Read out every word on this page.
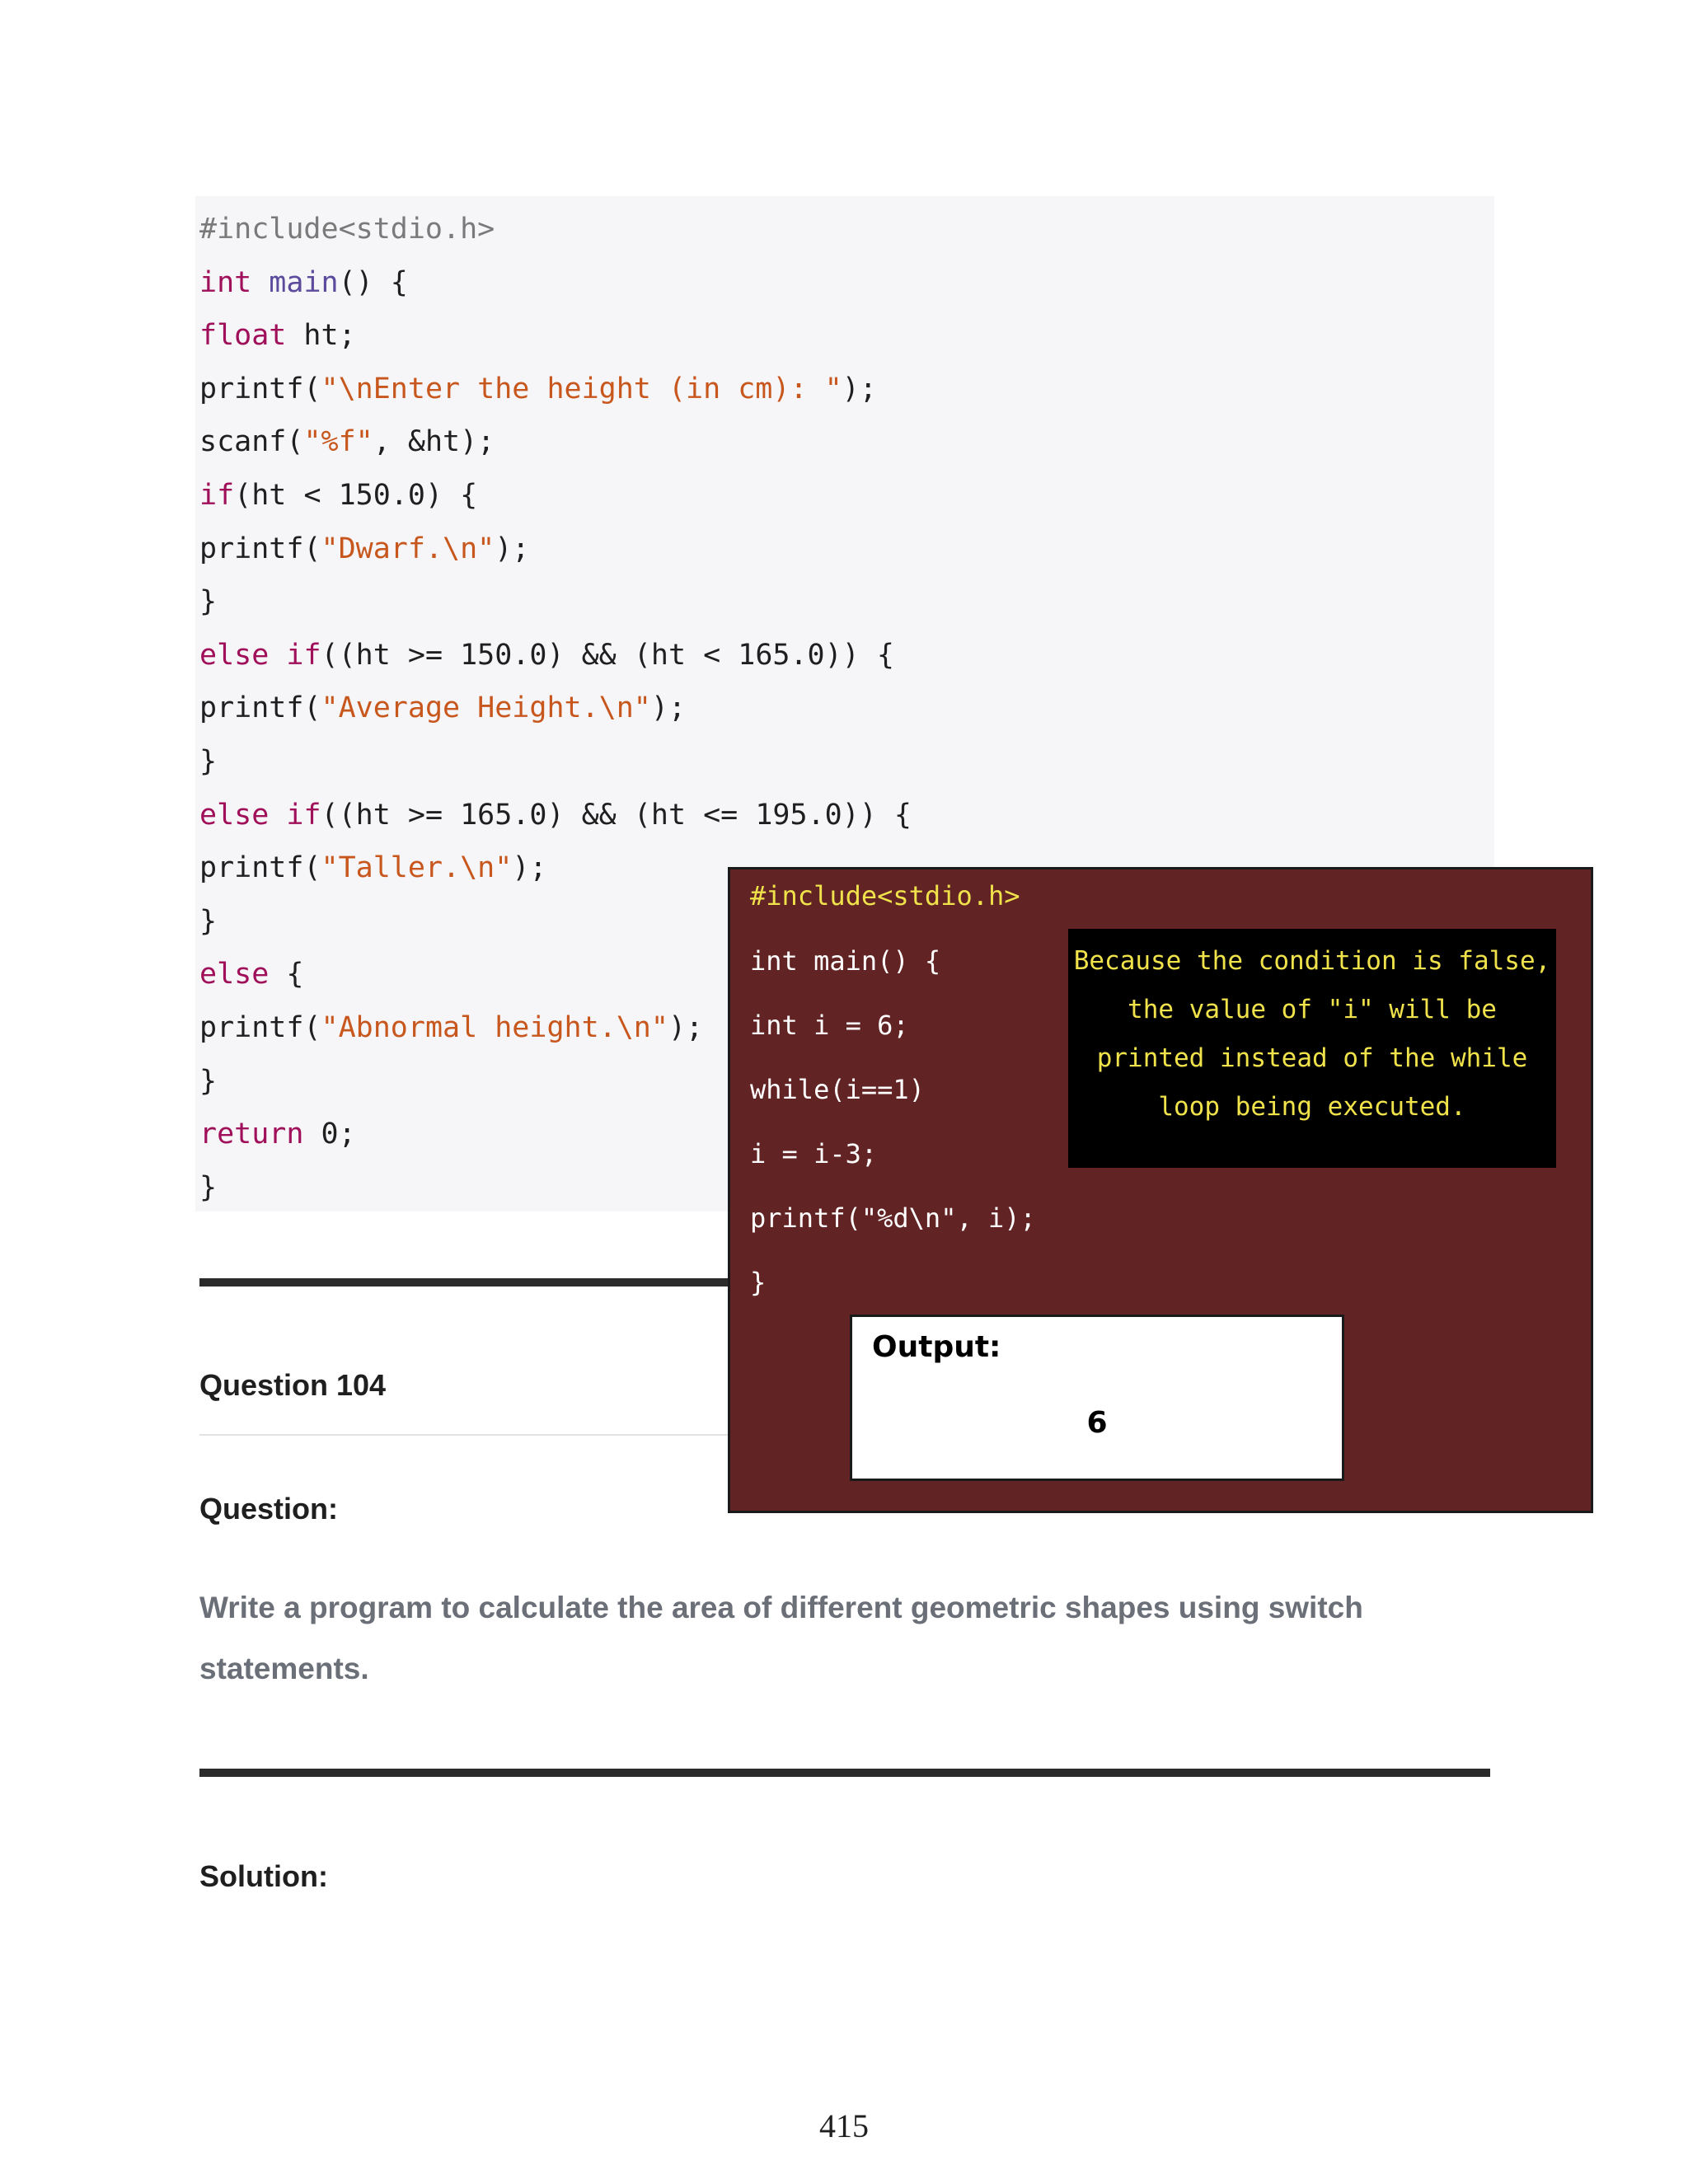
#include<stdio.h>
int main() {
float ht;
printf("\nEnter the height (in cm): ");
scanf("%f", &ht);
if(ht < 150.0) {
printf("Dwarf.\n");
}
else if((ht >= 150.0) && (ht < 165.0)) {
printf("Average Height.\n");
}
else if((ht >= 165.0) && (ht <= 195.0)) {
printf("Taller.\n");
}
else {
printf("Abnormal height.\n");
}
return 0;
}
Question 104
Question:
Write a program to calculate the area of different geometric shapes using switch statements.
Solution:
#include<stdio.h>
int main() {
int i = 6;
while(i==1)
i = i-3;
printf("%d\n", i);
}
Because the condition is false, the value of "i" will be printed instead of the while loop being executed.
Output:
6
415
